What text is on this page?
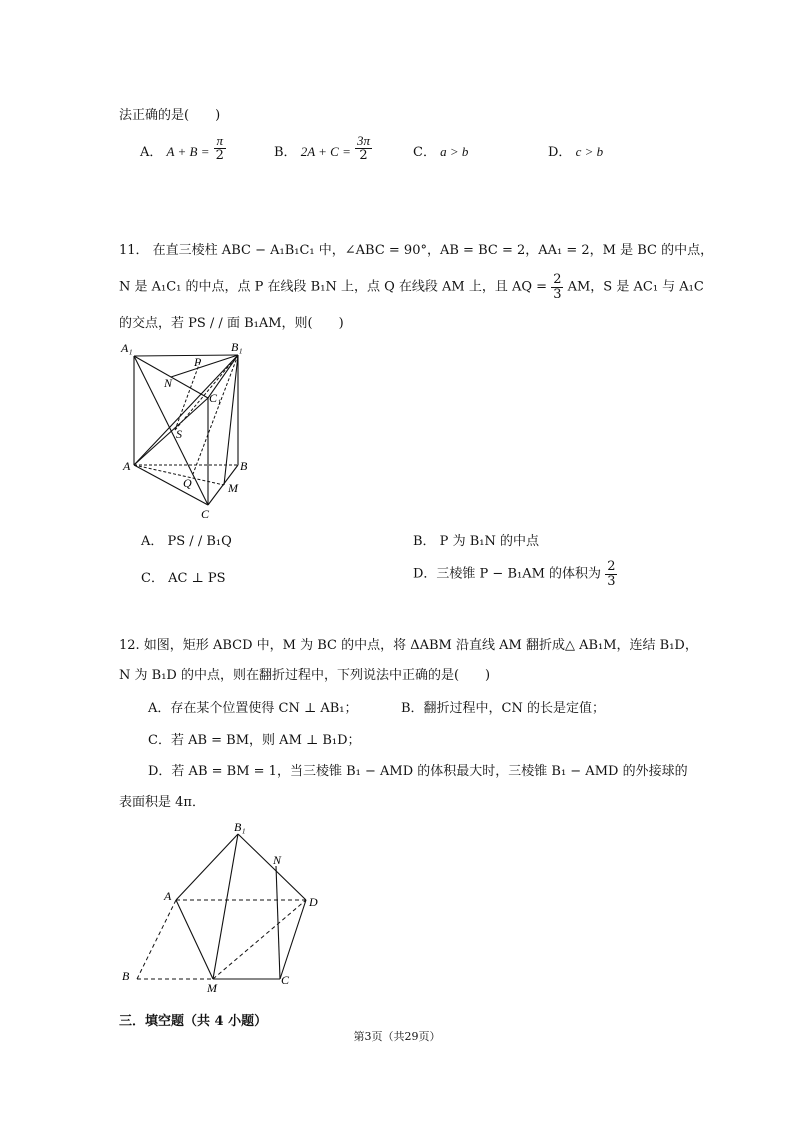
法正确的是(　　)
A． $A + B = \frac{\pi}{2}$	B． $2A + C = \frac{3\pi}{2}$	C． a > b	D． c > b
11． 在直三棱柱 ABC − A₁B₁C₁ 中，∠ABC = 90°，AB = BC = 2，AA₁ = 2，M 是 BC 的中点，
N 是 A₁C₁ 的中点，点 P 在线段 B₁N 上，点 Q 在线段 AM 上，且 AQ = $\frac{2}{3}$ AM，S 是 AC₁ 与 A₁C
的交点，若 PS / / 面 B₁AM，则(　　)
A₁	B₁
P
N
C₁
S
A	B
Q	M
C
A． PS / / B₁Q	B． P 为 B₁N 的中点
C． AC ⊥ PS	D．三棱锥 P − B₁AM 的体积为 $\frac{2}{3}$
12. 如图，矩形 ABCD 中，M 为 BC 的中点，将 ΔABM 沿直线 AM 翻折成△ AB₁M，连结 B₁D，
N 为 B₁D 的中点，则在翻折过程中，下列说法中正确的是(　　)
A．存在某个位置使得 CN ⊥ AB₁；	B．翻折过程中，CN 的长是定值；
C．若 AB = BM，则 AM ⊥ B₁D；
D．若 AB = BM = 1，当三棱锥 B₁ − AMD 的体积最大时，三棱锥 B₁ − AMD 的外接球的
表面积是 4π．
B₁
N
A	D
B
M
C
三．填空题（共 4 小题）
第3页（共29页）
